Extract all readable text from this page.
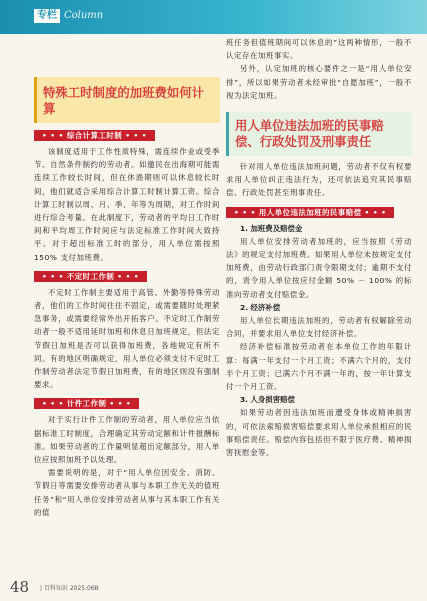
专栏 Column
特殊工时制度的加班费如何计算
• • • 综合计算工时制 • • •

该制度适用于工作性质特殊，需连续作业或受季节、自然条件制约的劳动者。如邀民在出海期可能需连续工作较长时间，但在休渔期则可以休息较长时间，他们就适合采用综合计算工时制计算工资。综合计算工时制以周、月、季、年等为周期，对工作时间进行综合考量。在此制度下，劳动者的平均日工作时间和平均周工作时间应与法定标准工作时间大致持平。对于超出标准工时的部分，用人单位需按照150% 支付加班费。

• • • 不定时工作制 • • •

不定时工作制主要适用于高管、外勤等特殊劳动者，他们的工作时间往往不固定，或需要随时处理紧急事务，或需要经常外出开拓客户。不定时工作制劳动者一般不适用延时加班和休息日加班规定，但法定节假日加班是否可以获得加班费，各地规定有所不同。有的地区明确规定，用人单位必须支付不定时工作制劳动者法定节假日加班费，有的地区则没有强制要求。

• • • 计件工作制 • • •

对于实行计件工作制的劳动者，用人单位应当依据标准工时制度，合理确定其劳动定额和计件报酬标准。如果劳动者的工作量明显超出定额部分，用人单位应按照加班予以处理。

需要说明的是，对于“用人单位因安全、消防、节假日等需要安排劳动者从事与本职工作无关的值班任务”和“用人单位安排劳动者从事与其本职工作有关的值

班任务但值班期间可以休息的”这两种情形，一般不认定存在加班事实。

另外，认定加班的核心要件之一是“用人单位安排”，所以如果劳动者未经审批“自愿加班”，一般不视为法定加班。

用人单位违法加班的民事赔偿、行政处罚及刑事责任

针对用人单位违法加班问题，劳动者不仅有权要求用人单位纠正违法行为，还可依法追究其民事赔偿、行政处罚甚至刑事责任。

• • • 用人单位违法加班的民事赔偿 • • •

1. 加班费及赔偿金

用人单位安排劳动者加班的，应当按照《劳动法》的规定支付加班费。如果用人单位未按规定支付加班费，由劳动行政部门责令限期支付；逾期不支付的，责令用人单位按应付金额 50% － 100% 的标准向劳动者支付赔偿金。

2. 经济补偿

用人单位长期违法加班的，劳动者有权解除劳动合同，并要求用人单位支付经济补偿。

经济补偿标准按劳动者在本单位工作的年限计算：每满一年支付一个月工资；不满六个月的，支付半个月工资；已满六个月不满一年的，按一年计算支付一个月工资。

3. 人身损害赔偿

如果劳动者因违法加班而遭受身体或精神损害的，可依法索赔损害赔偿要求用人单位承担相应的民事赔偿责任。赔偿内容包括但不限于医疗费、精神损害抚慰金等。

48 | 百科知识 2025.06B
